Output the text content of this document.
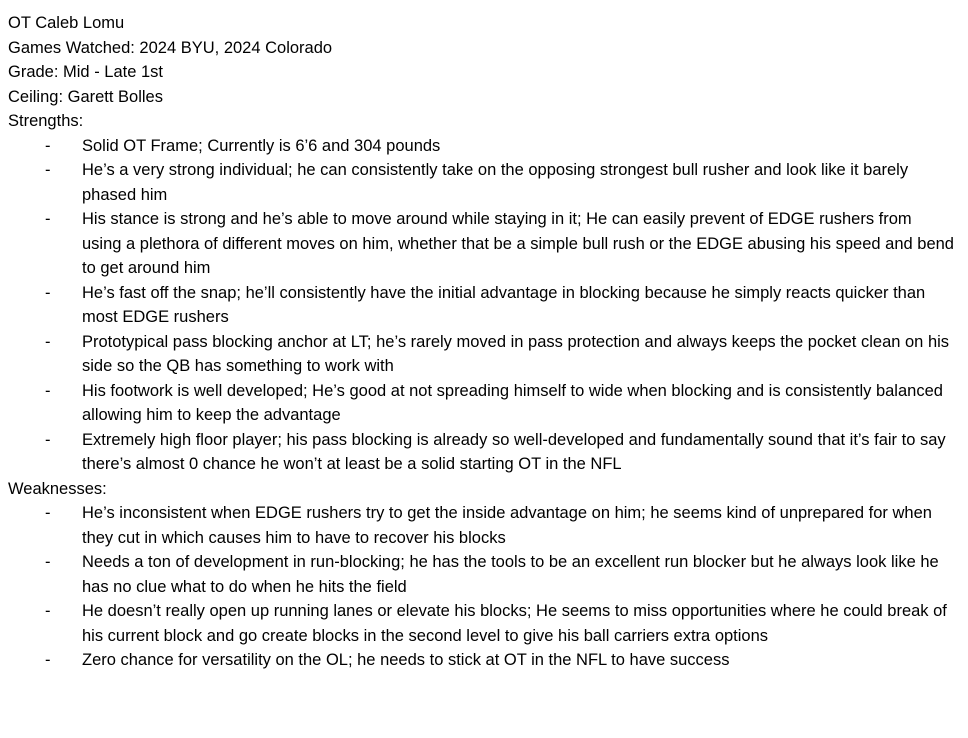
OT Caleb Lomu
Games Watched: 2024 BYU, 2024 Colorado
Grade: Mid - Late 1st
Ceiling: Garett Bolles
Strengths:
- Solid OT Frame; Currently is 6’6 and 304 pounds
- He’s a very strong individual; he can consistently take on the opposing strongest bull rusher and look like it barely phased him
- His stance is strong and he’s able to move around while staying in it; He can easily prevent of EDGE rushers from using a plethora of different moves on him, whether that be a simple bull rush or the EDGE abusing his speed and bend to get around him
- He’s fast off the snap; he’ll consistently have the initial advantage in blocking because he simply reacts quicker than most EDGE rushers
- Prototypical pass blocking anchor at LT; he’s rarely moved in pass protection and always keeps the pocket clean on his side so the QB has something to work with
- His footwork is well developed; He’s good at not spreading himself to wide when blocking and is consistently balanced allowing him to keep the advantage
- Extremely high floor player; his pass blocking is already so well-developed and fundamentally sound that it’s fair to say there’s almost 0 chance he won’t at least be a solid starting OT in the NFL
Weaknesses:
- He’s inconsistent when EDGE rushers try to get the inside advantage on him; he seems kind of unprepared for when they cut in which causes him to have to recover his blocks
- Needs a ton of development in run-blocking; he has the tools to be an excellent run blocker but he always look like he has no clue what to do when he hits the field
- He doesn’t really open up running lanes or elevate his blocks; He seems to miss opportunities where he could break of his current block and go create blocks in the second level to give his ball carriers extra options
- Zero chance for versatility on the OL; he needs to stick at OT in the NFL to have success
